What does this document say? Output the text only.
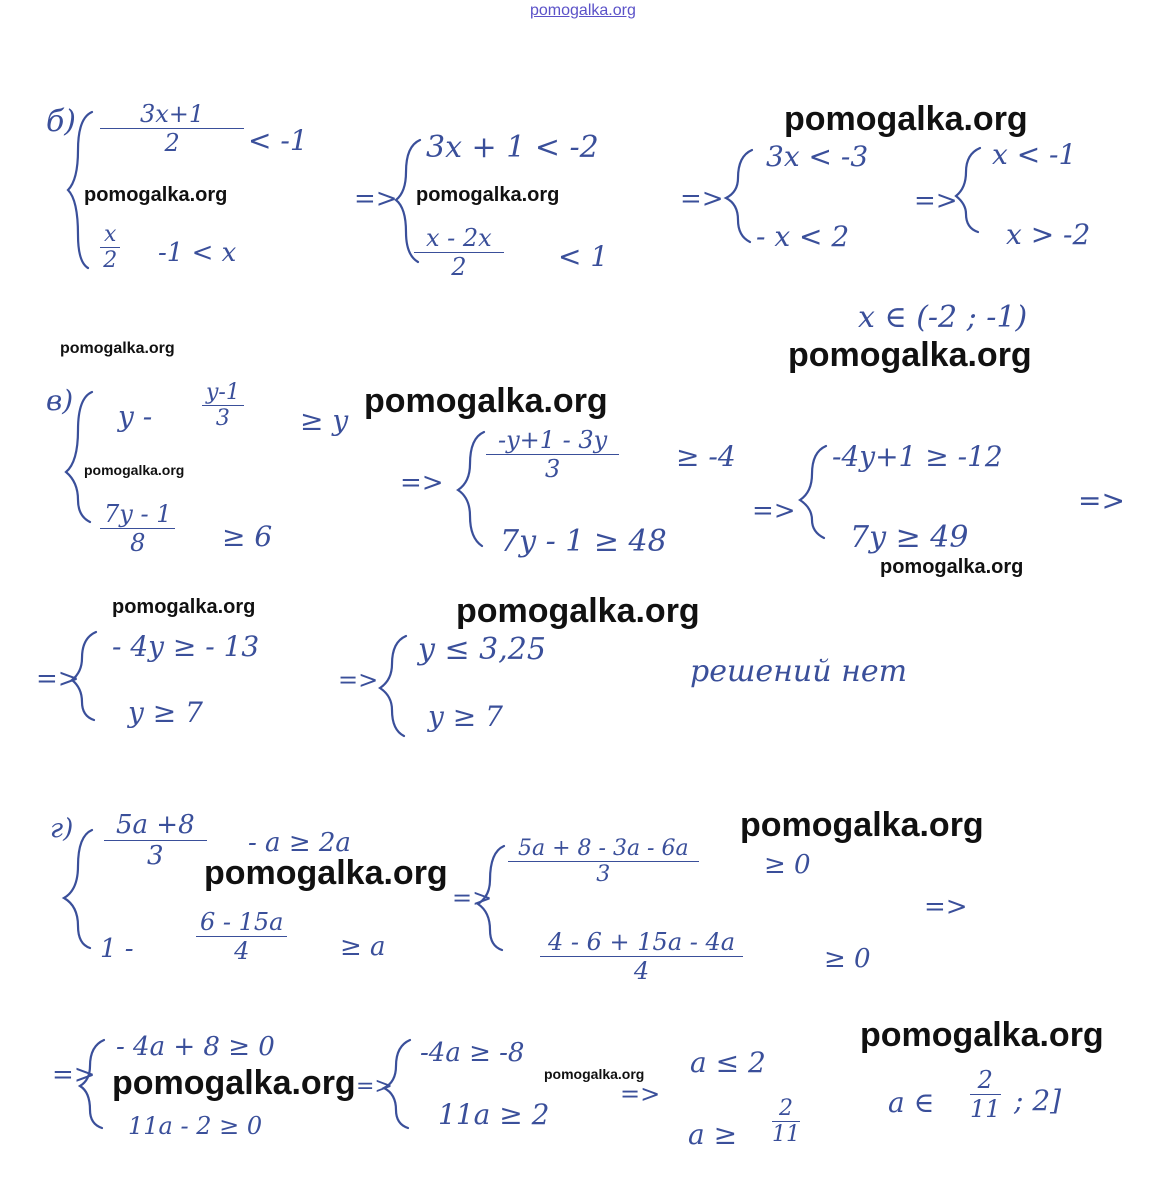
pomogalka.org
$б) \frac{3x+1}{2} < -1$
$\frac{x}{2} -1 < x$
=>
3x + 1 < -2
$\frac{x - 2x}{2} < 1$
=>
3x < -3
- x < 2
=>
x < -1
x > -2
x ∈ (-2 ; -1)
в) $y - \frac{y-1}{3} \ge y$
$\frac{7y - 1}{8} \ge 6$
=> $\frac{-y+1 - 3y}{3} \ge -4$
7y - 1 ≥ 48
=>
-4y+1 ≥ -12
7y ≥ 49
=>
=>
- 4y ≥ - 13
y ≥ 7
=>
y ≤ 3,25
y ≥ 7
решений нет
$г) \frac{5a +8}{3} - a \ge 2a$
1 -	$\frac{6 - 15a}{4} \ge a$
=>
$\frac{5a + 8 - 3a - 6a}{3}$	≥ 0
$\frac{4 - 6 + 15a - 4a}{4}$	≥ 0
=>
=>
- 4a + 8 ≥ 0
11a - 2 ≥ 0
=>
-4a ≥ -8
11a ≥ 2
=>
a ≤ 2
$a \ge \frac{2}{11}$	a ∈ $\frac{2}{11}$ ; 2]
pomogalka.org
pomogalka.org	pomogalka.org
pomogalka.org	pomogalka.org
pomogalka.org
pomogalka.org
pomogalka.org
pomogalka.org	pomogalka.org
pomogalka.org
pomogalka.org
pomogalka.org
pomogalka.org	pomogalka.org
